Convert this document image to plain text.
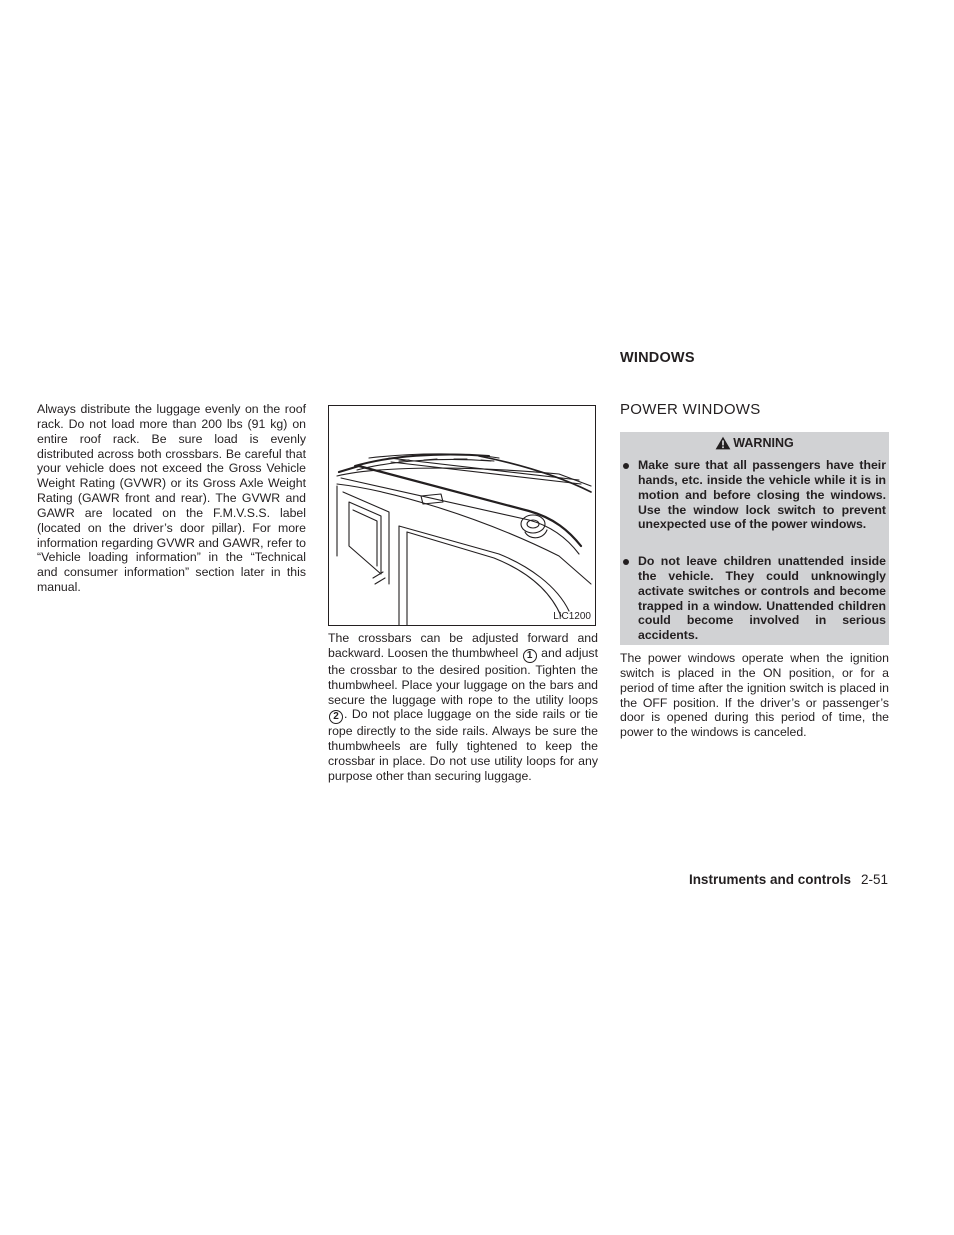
Always distribute the luggage evenly on the roof rack. Do not load more than 200 lbs (91 kg) on entire roof rack. Be sure load is evenly distributed across both crossbars. Be careful that your vehicle does not exceed the Gross Vehicle Weight Rating (GVWR) or its Gross Axle Weight Rating (GAWR front and rear). The GVWR and GAWR are located on the F.M.V.S.S. label (located on the driver’s door pillar). For more information regarding GVWR and GAWR, refer to “Vehicle loading information” in the “Technical and consumer information” section later in this manual.

LIC1200

The crossbars can be adjusted forward and backward. Loosen the thumbwheel 1 and adjust the crossbar to the desired position. Tighten the thumbwheel. Place your luggage on the bars and secure the luggage with rope to the utility loops 2 . Do not place luggage on the side rails or tie rope directly to the side rails. Always be sure the thumbwheels are fully tightened to keep the crossbar in place. Do not use utility loops for any purpose other than securing luggage.

WINDOWS
POWER WINDOWS
WARNING
Make sure that all passengers have their hands, etc. inside the vehicle while it is in motion and before closing the windows. Use the window lock switch to prevent unexpected use of the power windows.
Do not leave children unattended inside the vehicle. They could unknowingly activate switches or controls and become trapped in a window. Unattended children could become involved in serious accidents.

The power windows operate when the ignition switch is placed in the ON position, or for a period of time after the ignition switch is placed in the OFF position. If the driver’s or passenger’s door is opened during this period of time, the power to the windows is canceled.

Instruments and controls 2-51
